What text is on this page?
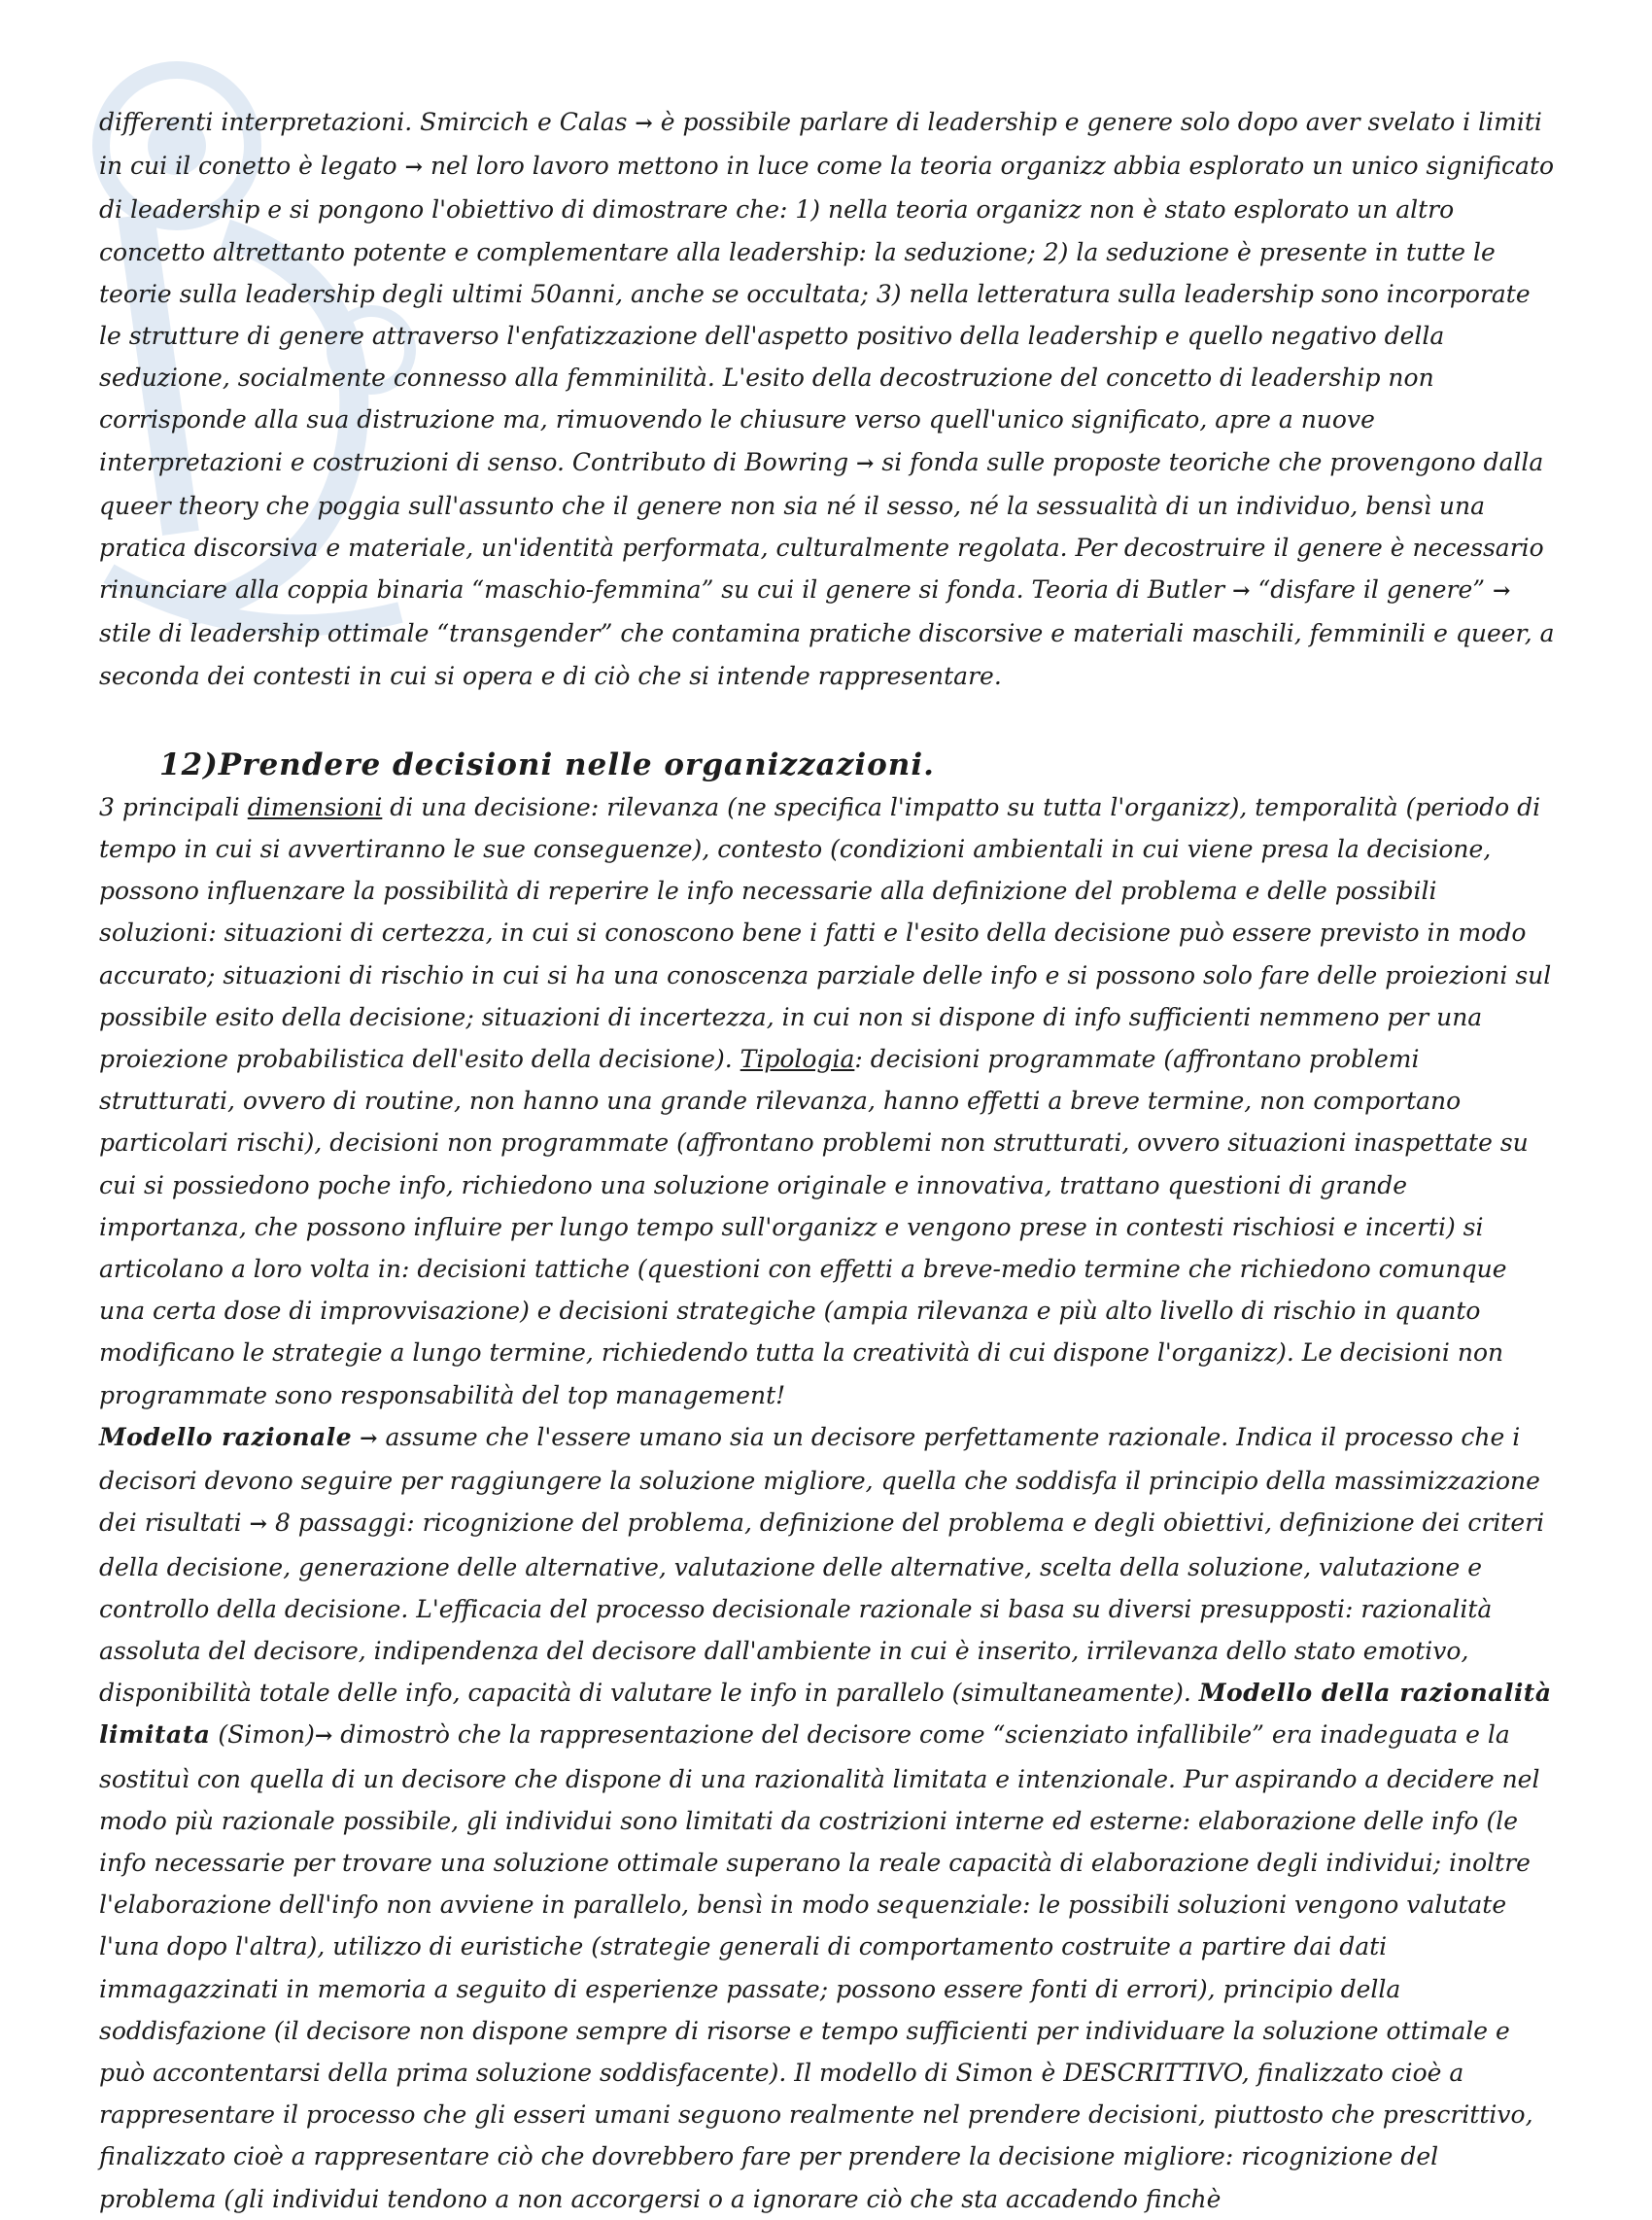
differenti interpretazioni. Smircich e Calas → è possibile parlare di leadership e genere solo dopo aver svelato i limiti in cui il conetto è legato → nel loro lavoro mettono in luce come la teoria organizz abbia esplorato un unico significato di leadership e si pongono l'obiettivo di dimostrare che: 1) nella teoria organizz non è stato esplorato un altro concetto altrettanto potente e complementare alla leadership: la seduzione; 2) la seduzione è presente in tutte le teorie sulla leadership degli ultimi 50anni, anche se occultata; 3) nella letteratura sulla leadership sono incorporate le strutture di genere attraverso l'enfatizzazione dell'aspetto positivo della leadership e quello negativo della seduzione, socialmente connesso alla femminilità. L'esito della decostruzione del concetto di leadership non corrisponde alla sua distruzione ma, rimuovendo le chiusure verso quell'unico significato, apre a nuove interpretazioni e costruzioni di senso. Contributo di Bowring → si fonda sulle proposte teoriche che provengono dalla queer theory che poggia sull'assunto che il genere non sia né il sesso, né la sessualità di un individuo, bensì una pratica discorsiva e materiale, un'identità performata, culturalmente regolata. Per decostruire il genere è necessario rinunciare alla coppia binaria “maschio-femmina” su cui il genere si fonda. Teoria di Butler → “disfare il genere” → stile di leadership ottimale “transgender” che contamina pratiche discorsive e materiali maschili, femminili e queer, a seconda dei contesti in cui si opera e di ciò che si intende rappresentare.

12)Prendere decisioni nelle organizzazioni.

3 principali dimensioni di una decisione: rilevanza (ne specifica l'impatto su tutta l'organizz), temporalità (periodo di tempo in cui si avvertiranno le sue conseguenze), contesto (condizioni ambientali in cui viene presa la decisione, possono influenzare la possibilità di reperire le info necessarie alla definizione del problema e delle possibili soluzioni: situazioni di certezza, in cui si conoscono bene i fatti e l'esito della decisione può essere previsto in modo accurato; situazioni di rischio in cui si ha una conoscenza parziale delle info e si possono solo fare delle proiezioni sul possibile esito della decisione; situazioni di incertezza, in cui non si dispone di info sufficienti nemmeno per una proiezione probabilistica dell'esito della decisione). Tipologia: decisioni programmate (affrontano problemi strutturati, ovvero di routine, non hanno una grande rilevanza, hanno effetti a breve termine, non comportano particolari rischi), decisioni non programmate (affrontano problemi non strutturati, ovvero situazioni inaspettate su cui si possiedono poche info, richiedono una soluzione originale e innovativa, trattano questioni di grande importanza, che possono influire per lungo tempo sull'organizz e vengono prese in contesti rischiosi e incerti) si articolano a loro volta in: decisioni tattiche (questioni con effetti a breve-medio termine che richiedono comunque una certa dose di improvvisazione) e decisioni strategiche (ampia rilevanza e più alto livello di rischio in quanto modificano le strategie a lungo termine, richiedendo tutta la creatività di cui dispone l'organizz). Le decisioni non programmate sono responsabilità del top management!

Modello razionale → assume che l'essere umano sia un decisore perfettamente razionale. Indica il processo che i decisori devono seguire per raggiungere la soluzione migliore, quella che soddisfa il principio della massimizzazione dei risultati → 8 passaggi: ricognizione del problema, definizione del problema e degli obiettivi, definizione dei criteri della decisione, generazione delle alternative, valutazione delle alternative, scelta della soluzione, valutazione e controllo della decisione. L'efficacia del processo decisionale razionale si basa su diversi presupposti: razionalità assoluta del decisore, indipendenza del decisore dall'ambiente in cui è inserito, irrilevanza dello stato emotivo, disponibilità totale delle info, capacità di valutare le info in parallelo (simultaneamente). Modello della razionalità limitata (Simon)→ dimostrò che la rappresentazione del decisore come “scienziato infallibile” era inadeguata e la sostituì con quella di un decisore che dispone di una razionalità limitata e intenzionale. Pur aspirando a decidere nel modo più razionale possibile, gli individui sono limitati da costrizioni interne ed esterne: elaborazione delle info (le info necessarie per trovare una soluzione ottimale superano la reale capacità di elaborazione degli individui; inoltre l'elaborazione dell'info non avviene in parallelo, bensì in modo sequenziale: le possibili soluzioni vengono valutate l'una dopo l'altra), utilizzo di euristiche (strategie generali di comportamento costruite a partire dai dati immagazzinati in memoria a seguito di esperienze passate; possono essere fonti di errori), principio della soddisfazione (il decisore non dispone sempre di risorse e tempo sufficienti per individuare la soluzione ottimale e può accontentarsi della prima soluzione soddisfacente). Il modello di Simon è DESCRITTIVO, finalizzato cioè a rappresentare il processo che gli esseri umani seguono realmente nel prendere decisioni, piuttosto che prescrittivo, finalizzato cioè a rappresentare ciò che dovrebbero fare per prendere la decisione migliore: ricognizione del problema (gli individui tendono a non accorgersi o a ignorare ciò che sta accadendo finchè
